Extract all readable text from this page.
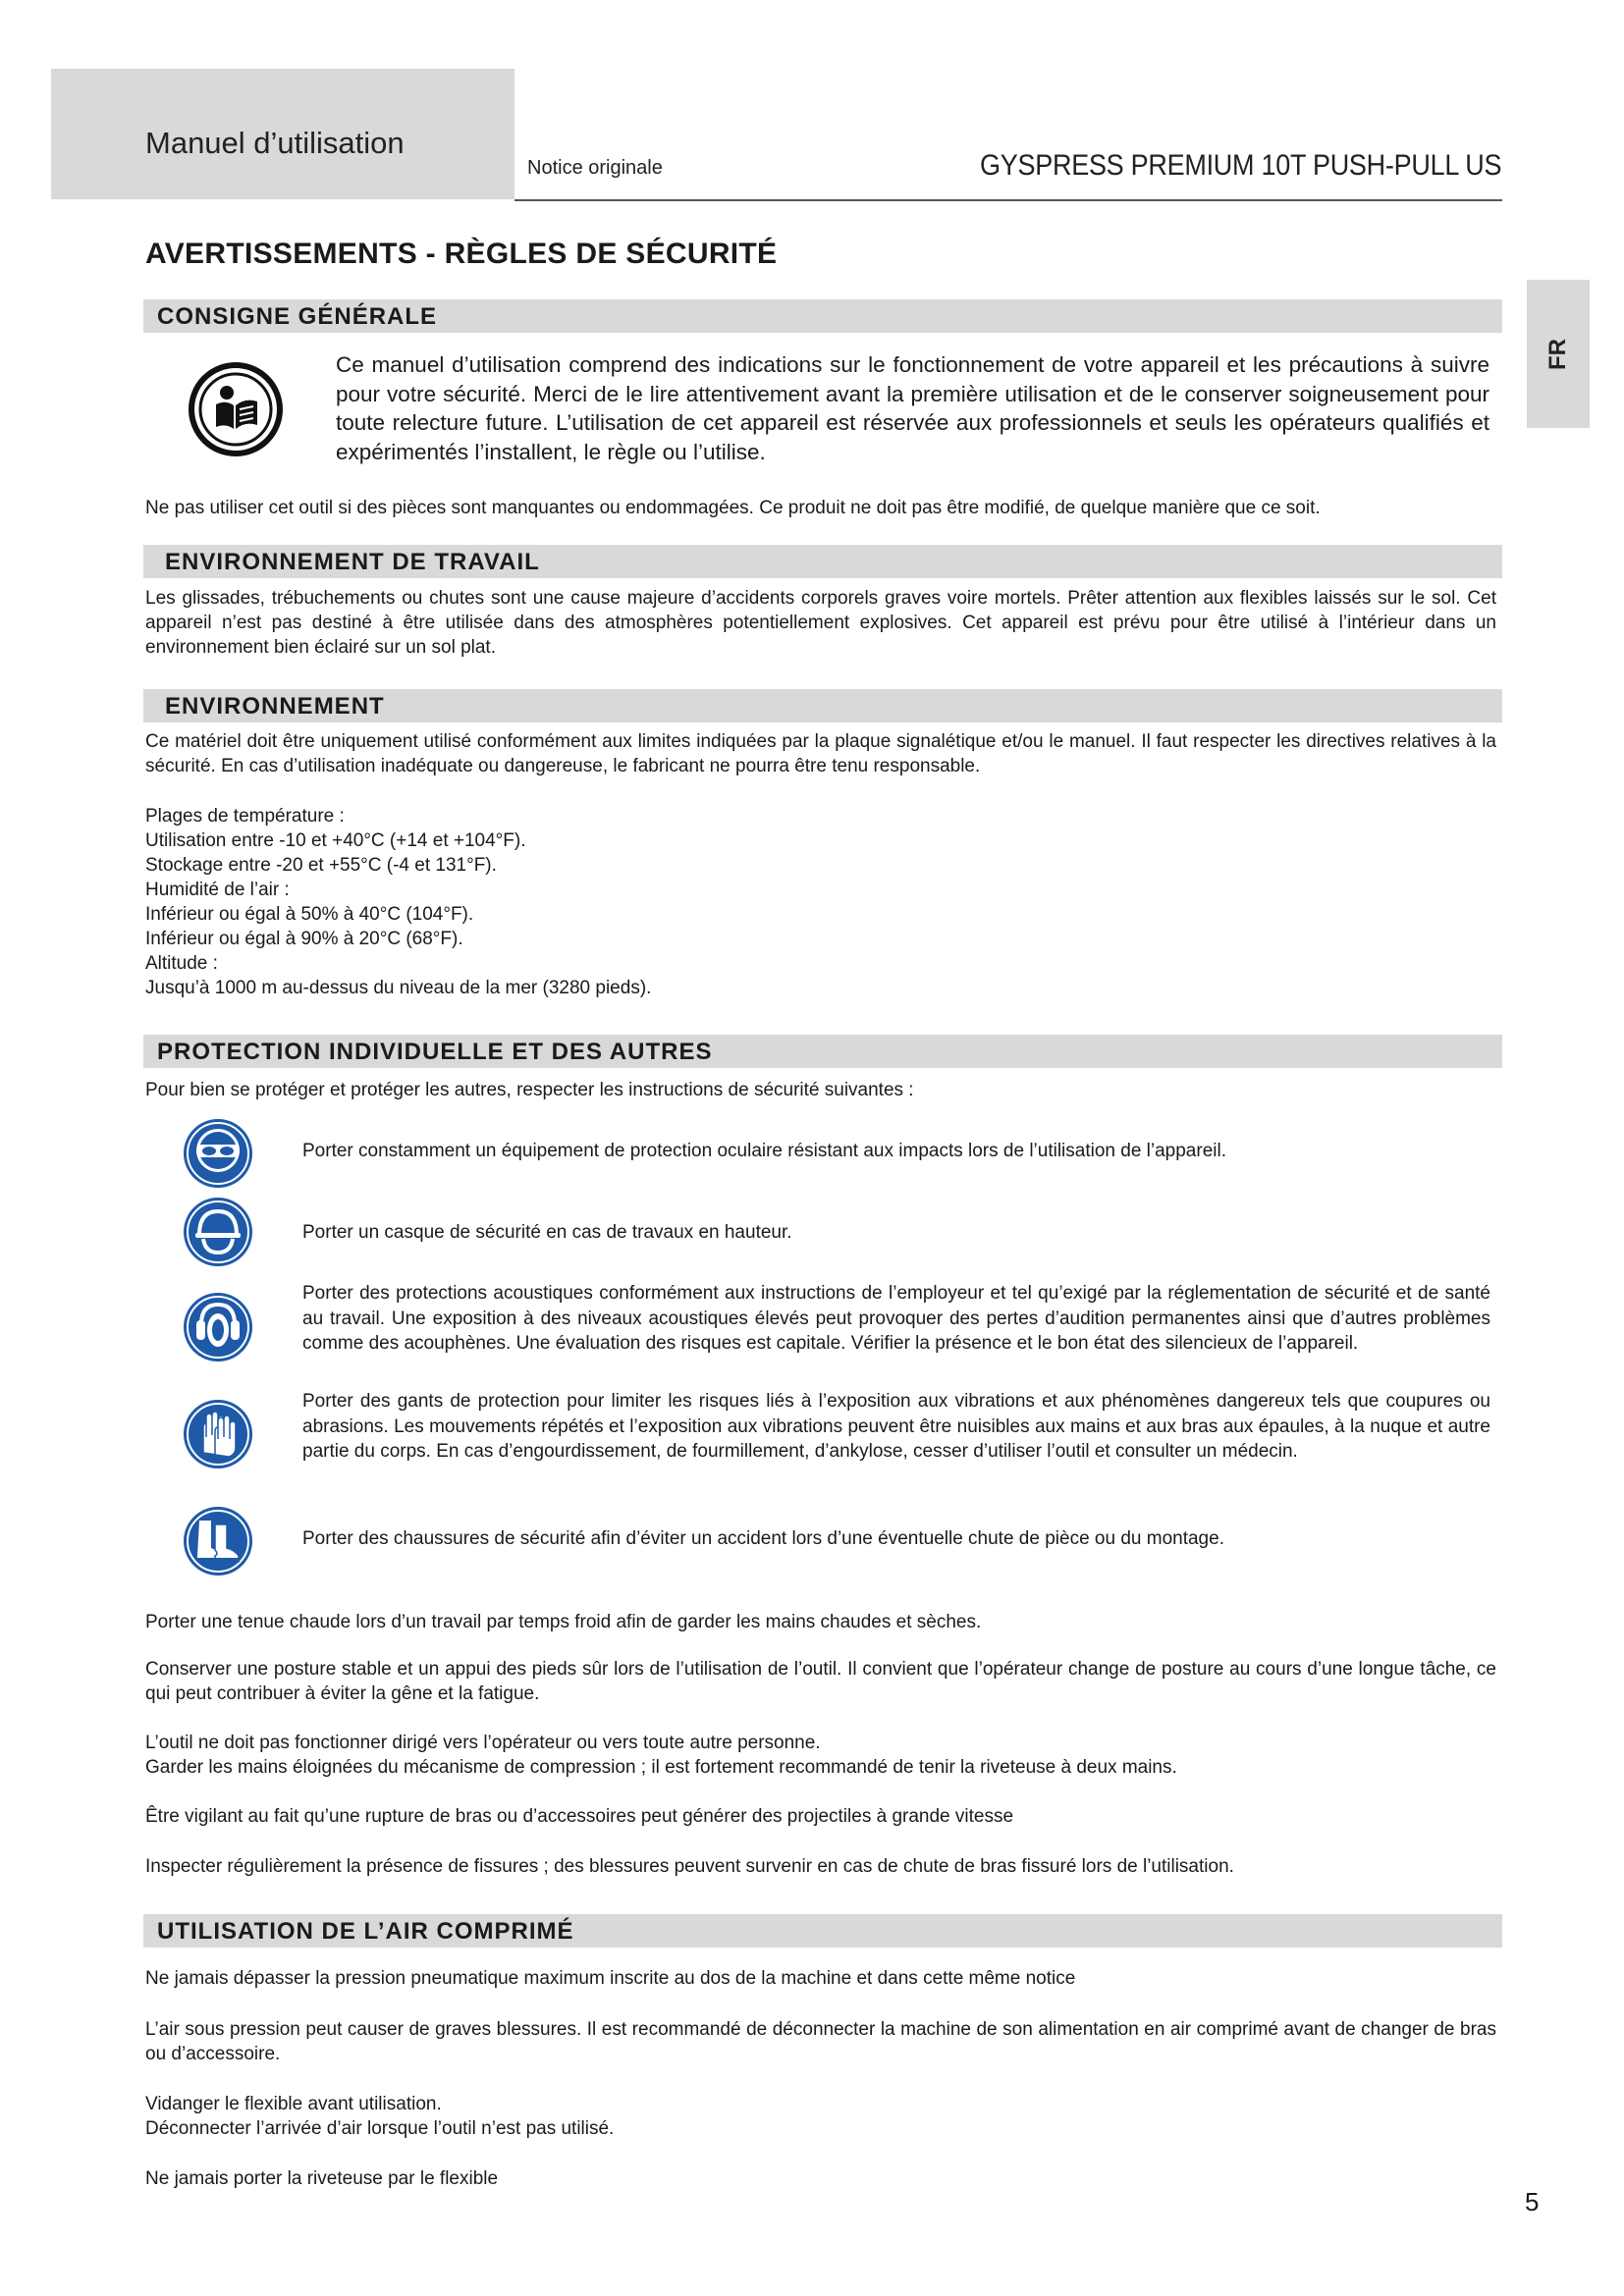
Manuel d’utilisation
Notice originale	GYSPRESS PREMIUM 10T PUSH-PULL US
FR
AVERTISSEMENTS - RÈGLES DE SÉCURITÉ
CONSIGNE GÉNÉRALE
Ce manuel d’utilisation comprend des indications sur le fonctionnement de votre appareil et les précautions à suivre pour votre sécurité. Merci de le lire attentivement avant la première utilisation et de le conserver soigneusement pour toute relecture future. L’utilisation de cet appareil est réservée aux professionnels et seuls les opérateurs qualifiés et expérimentés l’installent, le règle ou l’utilise.
Ne pas utiliser cet outil si des pièces sont manquantes ou endommagées. Ce produit ne doit pas être modifié, de quelque manière que ce soit.
ENVIRONNEMENT DE TRAVAIL
Les glissades, trébuchements ou chutes sont une cause majeure d’accidents corporels graves voire mortels. Prêter attention aux flexibles laissés sur le sol. Cet appareil n’est pas destiné à être utilisée dans des atmosphères potentiellement explosives. Cet appareil est prévu pour être utilisé à l’intérieur dans un environnement bien éclairé sur un sol plat.
ENVIRONNEMENT
Ce matériel doit être uniquement utilisé conformément aux limites indiquées par la plaque signalétique et/ou le manuel. Il faut respecter les directives relatives à la sécurité. En cas d’utilisation inadéquate ou dangereuse, le fabricant ne pourra être tenu responsable.
Plages de température :
Utilisation entre -10 et +40°C (+14 et +104°F).
Stockage entre -20 et +55°C (-4 et 131°F).
Humidité de l’air :
Inférieur ou égal à 50% à 40°C (104°F).
Inférieur ou égal à 90% à 20°C (68°F).
Altitude :
Jusqu’à 1000 m au-dessus du niveau de la mer (3280 pieds).
PROTECTION INDIVIDUELLE ET DES AUTRES
Pour bien se protéger et protéger les autres, respecter les instructions de sécurité suivantes :
Porter constamment un équipement de protection oculaire résistant aux impacts lors de l’utilisation de l’appareil.
Porter un casque de sécurité en cas de travaux en hauteur.
Porter des protections acoustiques conformément aux instructions de l’employeur et tel qu’exigé par la réglementation de sécurité et de santé au travail. Une exposition à des niveaux acoustiques élevés peut provoquer des pertes d’audition permanentes ainsi que d’autres problèmes comme des acouphènes. Une évaluation des risques est capitale. Vérifier la présence et le bon état des silencieux de l’appareil.
Porter des gants de protection pour limiter les risques liés à l’exposition aux vibrations et aux phénomènes dangereux tels que coupures ou abrasions. Les mouvements répétés et l’exposition aux vibrations peuvent être nuisibles aux mains et aux bras aux épaules, à la nuque et autre partie du corps. En cas d’engourdissement, de fourmillement, d’ankylose, cesser d’utiliser l’outil et consulter un médecin.
Porter des chaussures de sécurité afin d’éviter un accident lors d’une éventuelle chute de pièce ou du montage.
Porter une tenue chaude lors d’un travail par temps froid afin de garder les mains chaudes et sèches.
Conserver une posture stable et un appui des pieds sûr lors de l’utilisation de l’outil. Il convient que l’opérateur change de posture au cours d’une longue tâche, ce qui peut contribuer à éviter la gêne et la fatigue.
L’outil ne doit pas fonctionner dirigé vers l’opérateur ou vers toute autre personne.
Garder les mains éloignées du mécanisme de compression ; il est fortement recommandé de tenir la riveteuse à deux mains.
Être vigilant au fait qu’une rupture de bras ou d’accessoires peut générer des projectiles à grande vitesse
Inspecter régulièrement la présence de fissures ; des blessures peuvent survenir en cas de chute de bras fissuré lors de l’utilisation.
UTILISATION DE L’AIR COMPRIMÉ
Ne jamais dépasser la pression pneumatique maximum inscrite au dos de la machine et dans cette même notice
L’air sous pression peut causer de graves blessures. Il est recommandé de déconnecter la machine de son alimentation en air comprimé avant de changer de bras ou d’accessoire.
Vidanger le flexible avant utilisation.
Déconnecter l’arrivée d’air lorsque l’outil n’est pas utilisé.
Ne jamais porter la riveteuse par le flexible
5
